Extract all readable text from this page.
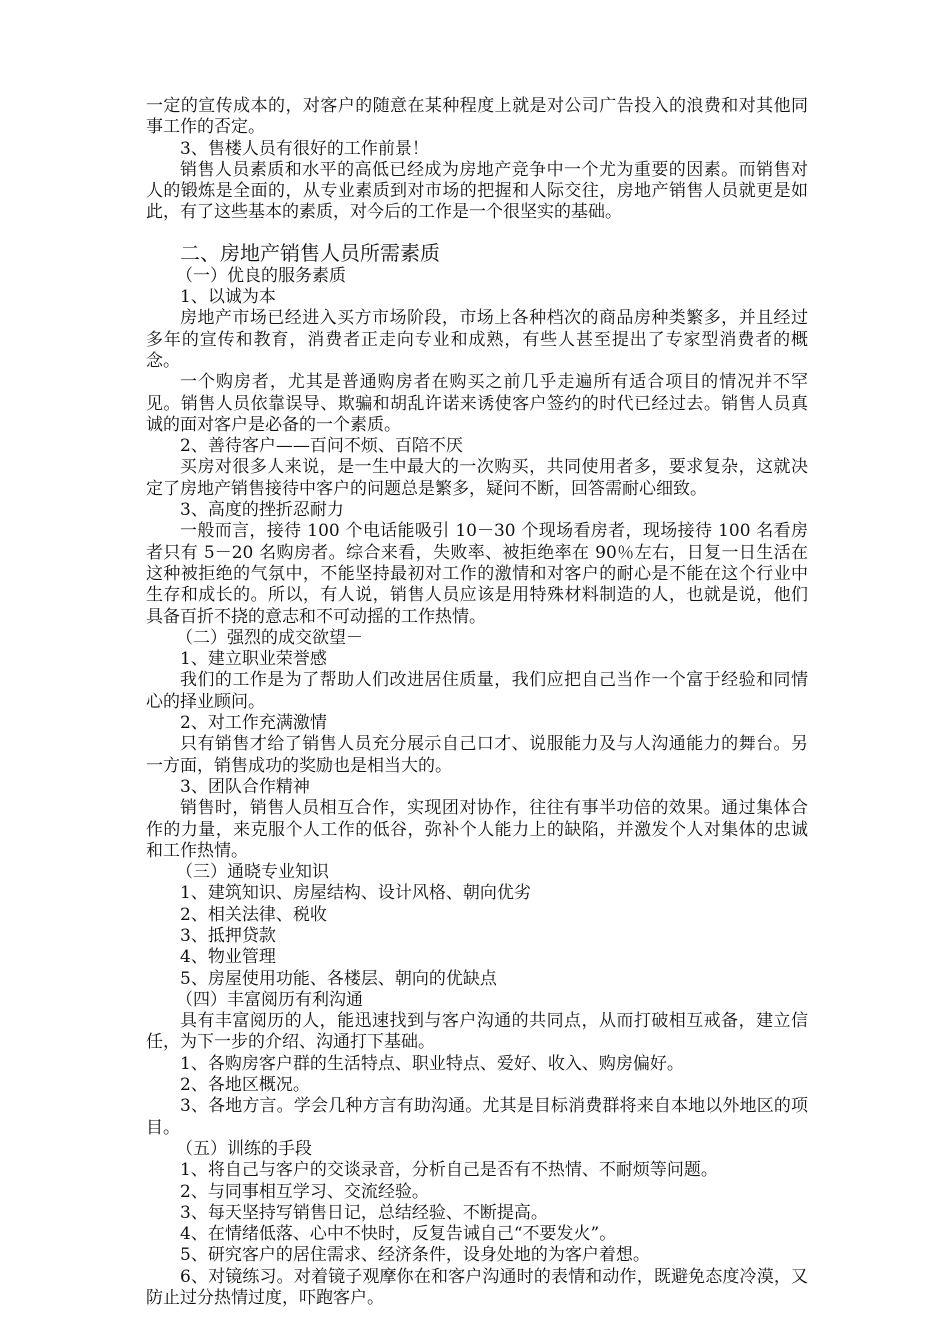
一定的宣传成本的，对客户的随意在某种程度上就是对公司广告投入的浪费和对其他同事工作的否定。

3、售楼人员有很好的工作前景！

销售人员素质和水平的高低已经成为房地产竞争中一个尤为重要的因素。而销售对人的锻炼是全面的，从专业素质到对市场的把握和人际交往，房地产销售人员就更是如此，有了这些基本的素质，对今后的工作是一个很坚实的基础。

二、房地产销售人员所需素质

（一）优良的服务素质

1、以诚为本

房地产市场已经进入买方市场阶段，市场上各种档次的商品房种类繁多，并且经过多年的宣传和教育，消费者正走向专业和成熟，有些人甚至提出了专家型消费者的概念。

一个购房者，尤其是普通购房者在购买之前几乎走遍所有适合项目的情况并不罕见。销售人员依靠误导、欺骗和胡乱许诺来诱使客户签约的时代已经过去。销售人员真诚的面对客户是必备的一个素质。

2、善待客户——百问不烦、百陪不厌

买房对很多人来说，是一生中最大的一次购买，共同使用者多，要求复杂，这就决定了房地产销售接待中客户的问题总是繁多，疑问不断，回答需耐心细致。

3、高度的挫折忍耐力

一般而言，接待 100 个电话能吸引 10－30 个现场看房者，现场接待 100 名看房者只有 5－20 名购房者。综合来看，失败率、被拒绝率在 90％左右，日复一日生活在这种被拒绝的气氛中，不能坚持最初对工作的激情和对客户的耐心是不能在这个行业中生存和成长的。所以，有人说，销售人员应该是用特殊材料制造的人，也就是说，他们具备百折不挠的意志和不可动摇的工作热情。

（二）强烈的成交欲望－

1、建立职业荣誉感

我们的工作是为了帮助人们改进居住质量，我们应把自己当作一个富于经验和同情心的择业顾问。

2、对工作充满激情

只有销售才给了销售人员充分展示自己口才、说服能力及与人沟通能力的舞台。另一方面，销售成功的奖励也是相当大的。

3、团队合作精神

销售时，销售人员相互合作，实现团对协作，往往有事半功倍的效果。通过集体合作的力量，来克服个人工作的低谷，弥补个人能力上的缺陷，并激发个人对集体的忠诚和工作热情。

（三）通晓专业知识

1、建筑知识、房屋结构、设计风格、朝向优劣

2、相关法律、税收

3、抵押贷款

4、物业管理

5、房屋使用功能、各楼层、朝向的优缺点

（四）丰富阅历有利沟通

具有丰富阅历的人，能迅速找到与客户沟通的共同点，从而打破相互戒备，建立信任，为下一步的介绍、沟通打下基础。

1、各购房客户群的生活特点、职业特点、爱好、收入、购房偏好。

2、各地区概况。

3、各地方言。学会几种方言有助沟通。尤其是目标消费群将来自本地以外地区的项目。

（五）训练的手段

1、将自己与客户的交谈录音，分析自己是否有不热情、不耐烦等问题。

2、与同事相互学习、交流经验。

3、每天坚持写销售日记，总结经验、不断提高。

4、在情绪低落、心中不快时，反复告诫自己“不要发火”。

5、研究客户的居住需求、经济条件，设身处地的为客户着想。

6、对镜练习。对着镜子观摩你在和客户沟通时的表情和动作，既避免态度冷漠，又防止过分热情过度，吓跑客户。
